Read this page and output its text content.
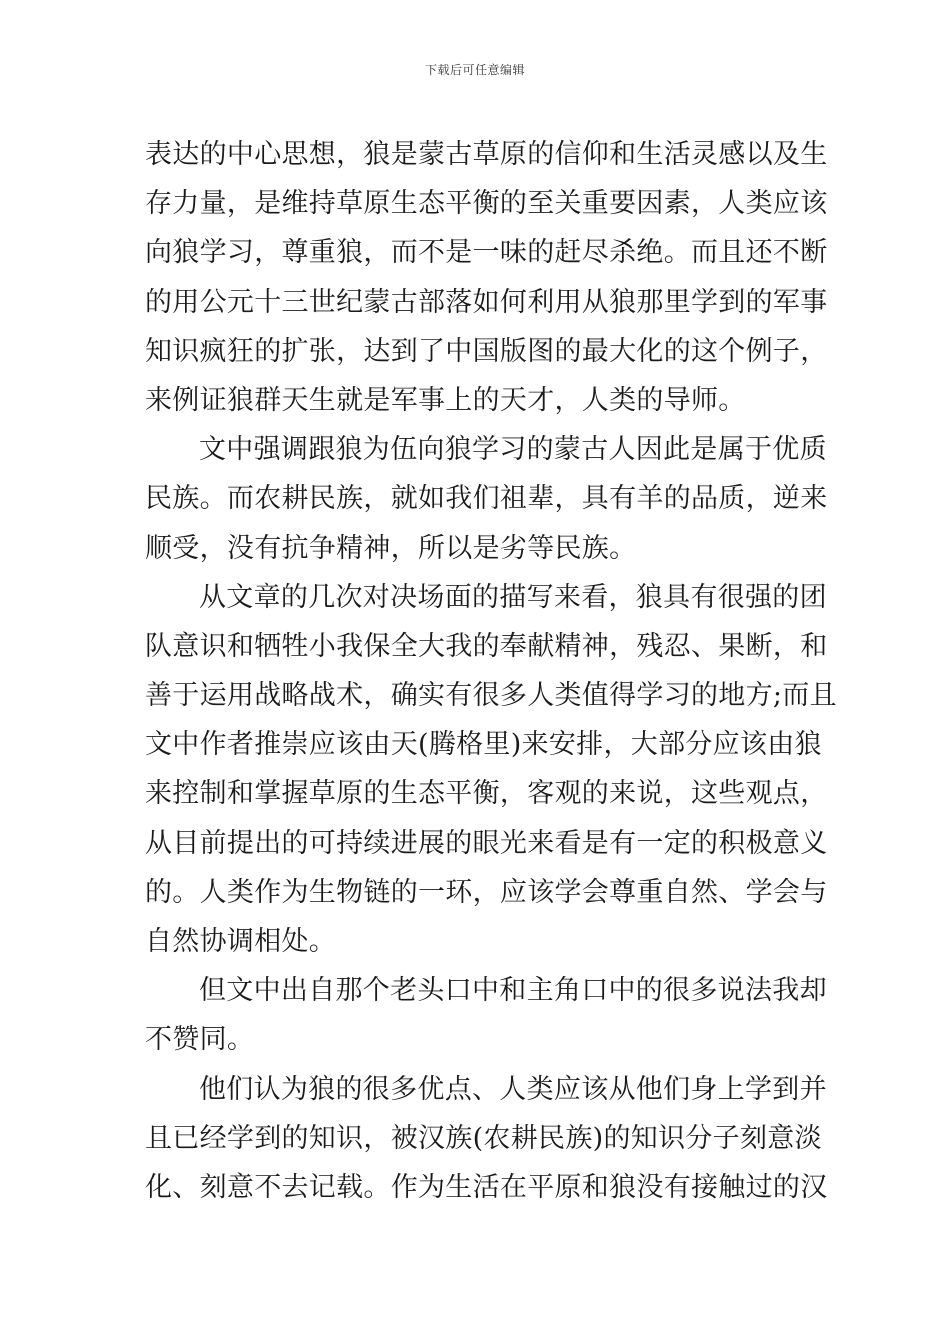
下载后可任意编辑
表达的中心思想，狼是蒙古草原的信仰和生活灵感以及生
存力量，是维持草原生态平衡的至关重要因素，人类应该
向狼学习，尊重狼，而不是一味的赶尽杀绝。而且还不断
的用公元十三世纪蒙古部落如何利用从狼那里学到的军事
知识疯狂的扩张，达到了中国版图的最大化的这个例子，
来例证狼群天生就是军事上的天才，人类的导师。
文中强调跟狼为伍向狼学习的蒙古人因此是属于优质
民族。而农耕民族，就如我们祖辈，具有羊的品质，逆来
顺受，没有抗争精神，所以是劣等民族。
从文章的几次对决场面的描写来看，狼具有很强的团
队意识和牺牲小我保全大我的奉献精神，残忍、果断，和
善于运用战略战术，确实有很多人类值得学习的地方;而且
文中作者推崇应该由天(腾格里)来安排，大部分应该由狼
来控制和掌握草原的生态平衡，客观的来说，这些观点，
从目前提出的可持续进展的眼光来看是有一定的积极意义
的。人类作为生物链的一环，应该学会尊重自然、学会与
自然协调相处。
但文中出自那个老头口中和主角口中的很多说法我却
不赞同。
他们认为狼的很多优点、人类应该从他们身上学到并
且已经学到的知识，被汉族(农耕民族)的知识分子刻意淡
化、刻意不去记载。作为生活在平原和狼没有接触过的汉
